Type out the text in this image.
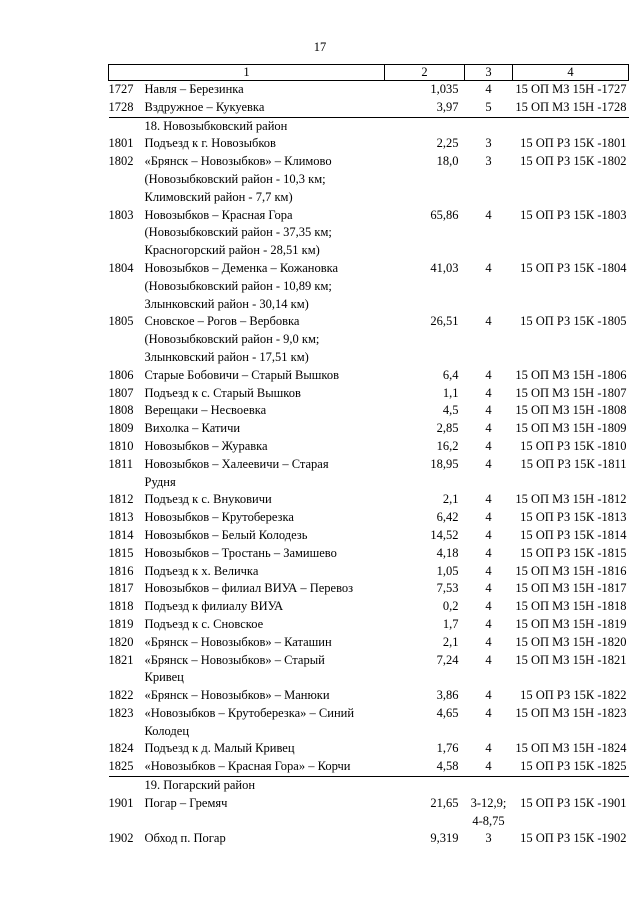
17
1	2	3	4

1727 Навля – Березинка	1,035	4	15 ОП МЗ 15Н -1727

1728 Вздружное – Кукуевка	3,97	5	15 ОП МЗ 15Н -1728
18. Новозыбковский район			

1801 Подъезд к г. Новозыбков	2,25	3	15 ОП РЗ 15К -1801

1802 «Брянск – Новозыбков» – Климово
(Новозыбковский район - 10,3 км;
Климовский район - 7,7 км)	18,0	3	15 ОП РЗ 15К -1802

1803 Новозыбков – Красная Гора
(Новозыбковский район - 37,35 км;
Красногорский район - 28,51 км)	65,86	4	15 ОП РЗ 15К -1803

1804 Новозыбков – Деменка – Кожановка
(Новозыбковский район - 10,89 км;
Злынковский район - 30,14 км)	41,03	4	15 ОП РЗ 15К -1804

1805 Сновское – Рогов – Вербовка
(Новозыбковский район - 9,0 км;
Злынковский район - 17,51 км)	26,51	4	15 ОП РЗ 15К -1805

1806 Старые Бобовичи – Старый Вышков	6,4	4	15 ОП МЗ 15Н -1806

1807 Подъезд к с. Старый Вышков	1,1	4	15 ОП МЗ 15Н -1807

1808 Верещаки – Несвоевка	4,5	4	15 ОП МЗ 15Н -1808

1809 Вихолка – Катичи	2,85	4	15 ОП МЗ 15Н -1809

1810 Новозыбков – Журавка	16,2	4	15 ОП РЗ 15К -1810

1811 Новозыбков – Халеевичи – Старая
Рудня	18,95	4	15 ОП РЗ 15К -1811

1812 Подъезд к с. Внуковичи	2,1	4	15 ОП МЗ 15Н -1812

1813 Новозыбков – Крутоберезка	6,42	4	15 ОП РЗ 15К -1813

1814 Новозыбков – Белый Колодезь	14,52	4	15 ОП РЗ 15К -1814

1815 Новозыбков – Тростань – Замишево	4,18	4	15 ОП РЗ 15К -1815

1816 Подъезд к х. Величка	1,05	4	15 ОП МЗ 15Н -1816

1817 Новозыбков – филиал ВИУА – Перевоз	7,53	4	15 ОП МЗ 15Н -1817

1818 Подъезд к филиалу ВИУА	0,2	4	15 ОП МЗ 15Н -1818

1819 Подъезд к с. Сновское	1,7	4	15 ОП МЗ 15Н -1819

1820 «Брянск – Новозыбков» – Каташин	2,1	4	15 ОП МЗ 15Н -1820

1821 «Брянск – Новозыбков» – Старый
Кривец	7,24	4	15 ОП МЗ 15Н -1821

1822 «Брянск – Новозыбков» – Манюки	3,86	4	15 ОП РЗ 15К -1822

1823 «Новозыбков – Крутоберезка» – Синий
Колодец	4,65	4	15 ОП МЗ 15Н -1823

1824 Подъезд к д. Малый Кривец	1,76	4	15 ОП МЗ 15Н -1824

1825 «Новозыбков – Красная Гора» – Корчи	4,58	4	15 ОП РЗ 15К -1825
19. Погарский район			

1901 Погар – Гремяч	21,65	3-12,9;
4-8,75	15 ОП РЗ 15К -1901

1902 Обход п. Погар	9,319	3	15 ОП РЗ 15К -1902
